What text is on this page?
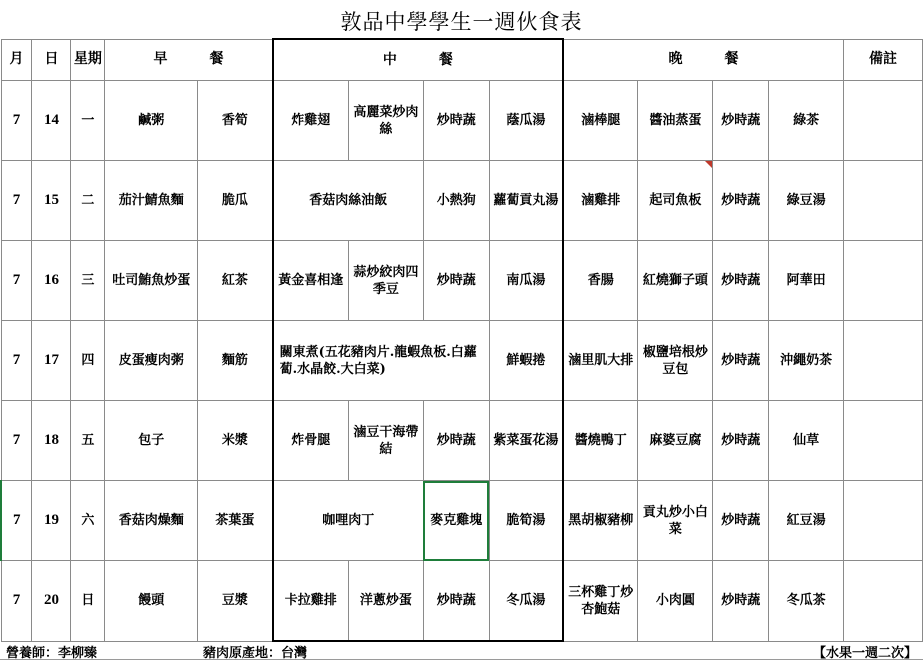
敦品中學學生一週伙食表
月	日	星期	早　　　餐		中　　　餐				晚　　　餐				備註
7	14	一	鹹粥	香筍	炸雞翅	高麗菜炒肉絲	炒時蔬	蔭瓜湯	滷棒腿	醬油蒸蛋	炒時蔬	綠茶	
7	15	二	茄汁鯖魚麵	脆瓜	香菇肉絲油飯		小熱狗	蘿蔔貢丸湯	滷雞排	起司魚板	炒時蔬	綠豆湯	
7	16	三	吐司鮪魚炒蛋	紅茶	黃金喜相逢	蒜炒絞肉四季豆	炒時蔬	南瓜湯	香腸	紅燒獅子頭	炒時蔬	阿華田	
7	17	四	皮蛋瘦肉粥	麵筋	關東煮(五花豬肉片.龍蝦魚板.白蘿蔔.水晶餃.大白菜)			鮮蝦捲	滷里肌大排	椒鹽培根炒豆包	炒時蔬	沖繩奶茶	
7	18	五	包子	米漿	炸骨腿	滷豆干海帶結	炒時蔬	紫菜蛋花湯	醬燒鴨丁	麻婆豆腐	炒時蔬	仙草	
7	19	六	香菇肉燥麵	茶葉蛋	咖哩肉丁		麥克雞塊	脆筍湯	黑胡椒豬柳	貢丸炒小白菜	炒時蔬	紅豆湯	
7	20	日	饅頭	豆漿	卡拉雞排	洋蔥炒蛋	炒時蔬	冬瓜湯	三杯雞丁炒杏鮑菇	小肉圓	炒時蔬	冬瓜茶	
營養師：李柳臻	豬肉原產地：台灣	【水果一週二次】
